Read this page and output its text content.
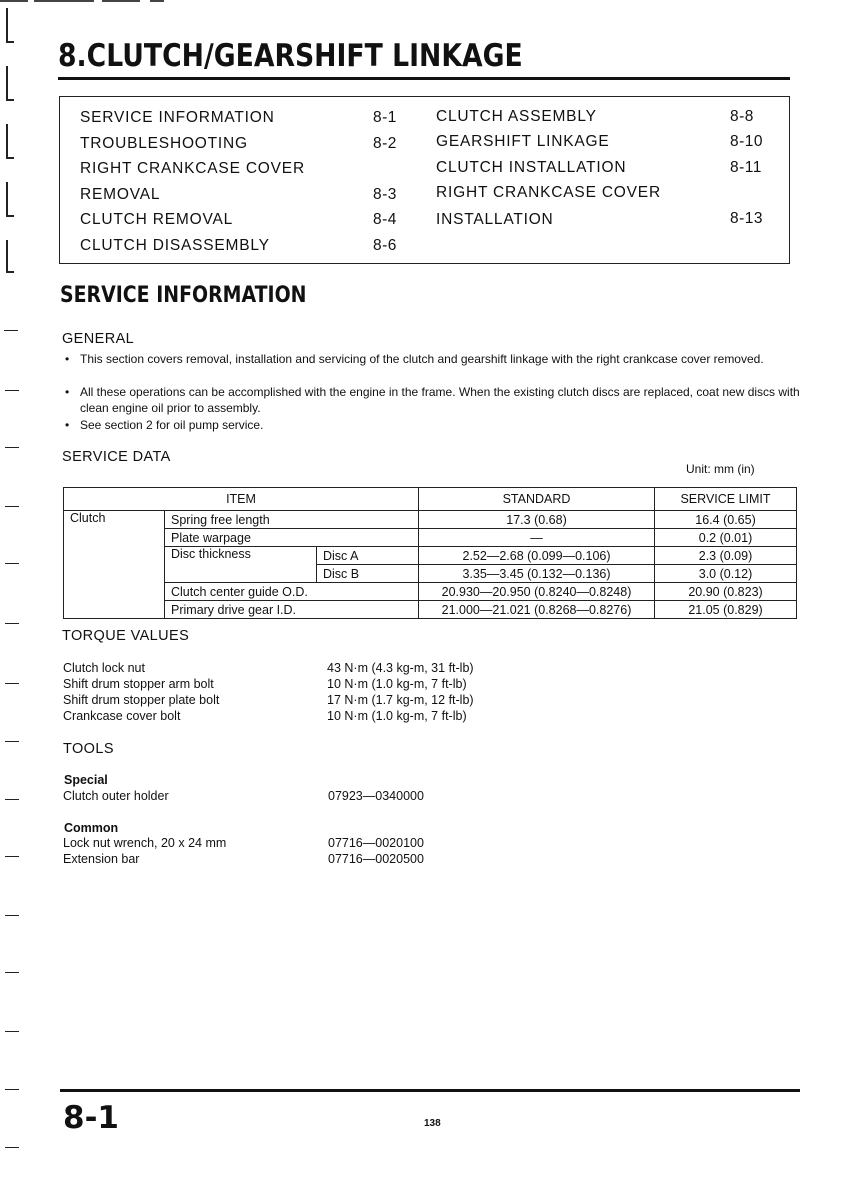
8.CLUTCH/GEARSHIFT LINKAGE
SERVICE INFORMATION	8-1
TROUBLESHOOTING	8-2
RIGHT CRANKCASE COVER
REMOVAL	8-3
CLUTCH REMOVAL	8-4
CLUTCH DISASSEMBLY	8-6
CLUTCH ASSEMBLY	8-8
GEARSHIFT LINKAGE	8-10
CLUTCH INSTALLATION	8-11
RIGHT CRANKCASE COVER
INSTALLATION	8-13
SERVICE INFORMATION
GENERAL
• This section covers removal, installation and servicing of the clutch and gearshift linkage with the right crankcase cover removed.
• All these operations can be accomplished with the engine in the frame. When the existing clutch discs are replaced, coat new discs with clean engine oil prior to assembly.
• See section 2 for oil pump service.
SERVICE DATA
Unit: mm (in)
ITEM			STANDARD	SERVICE LIMIT
Clutch	Spring free length		17.3 (0.68)	16.4 (0.65)
	Plate warpage		—	0.2 (0.01)
	Disc thickness	Disc A	2.52—2.68 (0.099—0.106)	2.3 (0.09)
		Disc B	3.35—3.45 (0.132—0.136)	3.0 (0.12)
	Clutch center guide O.D.		20.930—20.950 (0.8240—0.8248)	20.90 (0.823)
	Primary drive gear I.D.		21.000—21.021 (0.8268—0.8276)	21.05 (0.829)
TORQUE VALUES
Clutch lock nut	43 N·m (4.3 kg-m, 31 ft-lb)
Shift drum stopper arm bolt	10 N·m (1.0 kg-m, 7 ft-lb)
Shift drum stopper plate bolt	17 N·m (1.7 kg-m, 12 ft-lb)
Crankcase cover bolt	10 N·m (1.0 kg-m, 7 ft-lb)
TOOLS
Special
Clutch outer holder	07923—0340000
Common
Lock nut wrench, 20 x 24 mm	07716—0020100
Extension bar	07716—0020500
8-1	138
